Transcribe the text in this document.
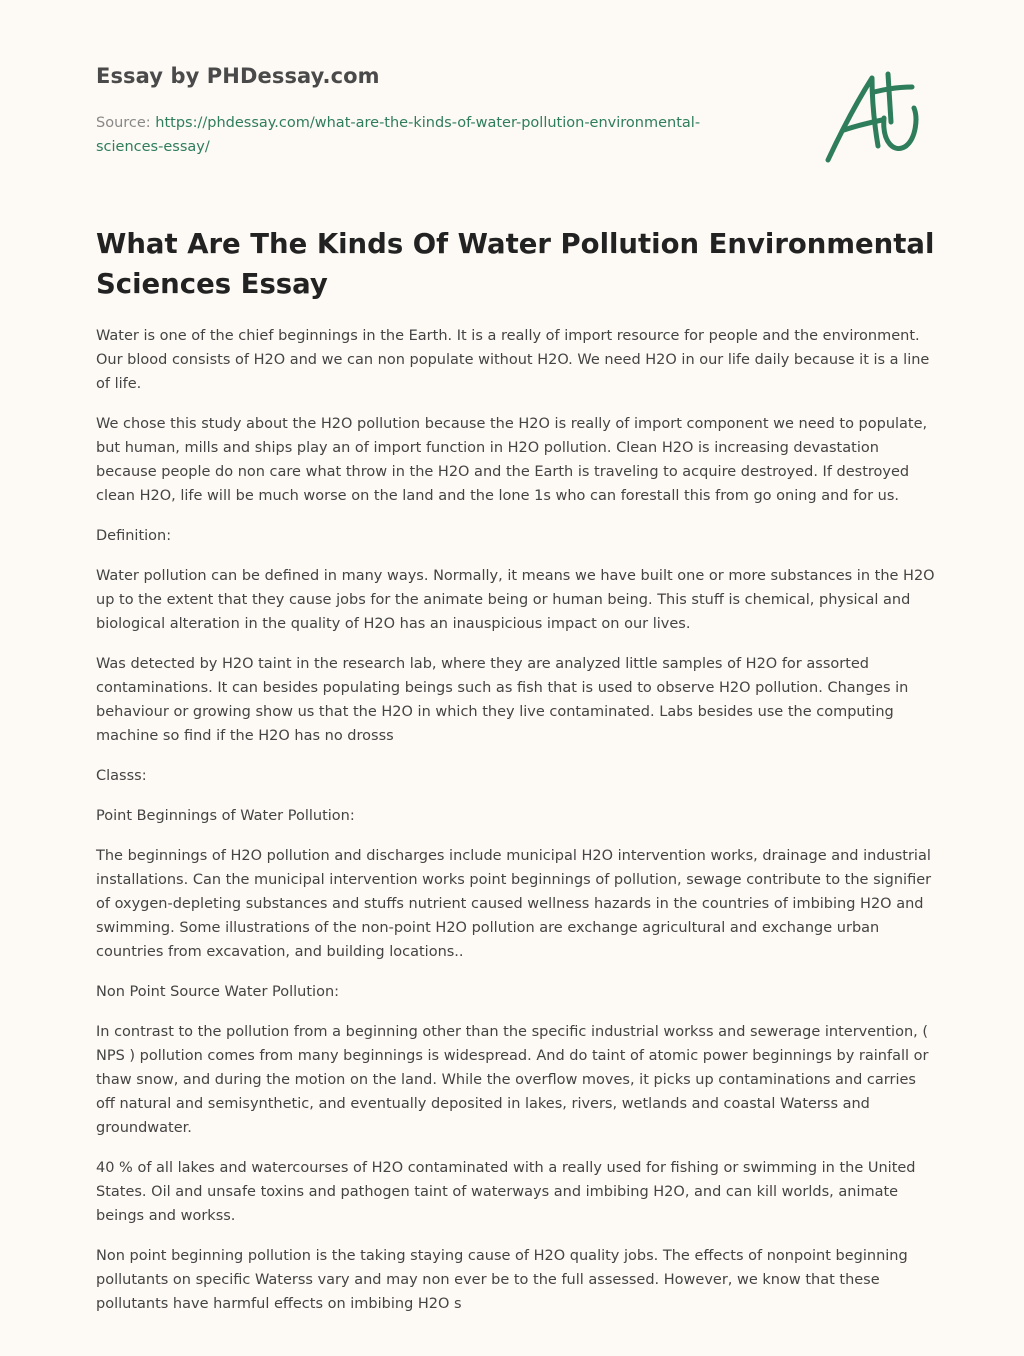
Essay by PHDessay.com
Source: https://phdessay.com/what-are-the-kinds-of-water-pollution-environmental-
sciences-essay/
What Are The Kinds Of Water Pollution Environmental
Sciences Essay

Water is one of the chief beginnings in the Earth. It is a really of import resource for people and the environment. Our blood consists of H2O and we can non populate without H2O. We need H2O in our life daily because it is a line of life.

We chose this study about the H2O pollution because the H2O is really of import component we need to populate, but human, mills and ships play an of import function in H2O pollution. Clean H2O is increasing devastation because people do non care what throw in the H2O and the Earth is traveling to acquire destroyed. If destroyed clean H2O, life will be much worse on the land and the lone 1s who can forestall this from go oning and for us.

Definition:

Water pollution can be defined in many ways. Normally, it means we have built one or more substances in the H2O up to the extent that they cause jobs for the animate being or human being. This stuff is chemical, physical and biological alteration in the quality of H2O has an inauspicious impact on our lives.

Was detected by H2O taint in the research lab, where they are analyzed little samples of H2O for assorted contaminations. It can besides populating beings such as fish that is used to observe H2O pollution. Changes in behaviour or growing show us that the H2O in which they live contaminated. Labs besides use the computing machine so find if the H2O has no drosss

Classs:

Point Beginnings of Water Pollution:

The beginnings of H2O pollution and discharges include municipal H2O intervention works, drainage and industrial installations. Can the municipal intervention works point beginnings of pollution, sewage contribute to the signifier of oxygen-depleting substances and stuffs nutrient caused wellness hazards in the countries of imbibing H2O and swimming. Some illustrations of the non-point H2O pollution are exchange agricultural and exchange urban countries from excavation, and building locations..

Non Point Source Water Pollution:

In contrast to the pollution from a beginning other than the specific industrial workss and sewerage intervention, ( NPS ) pollution comes from many beginnings is widespread. And do taint of atomic power beginnings by rainfall or thaw snow, and during the motion on the land. While the overflow moves, it picks up contaminations and carries off natural and semisynthetic, and eventually deposited in lakes, rivers, wetlands and coastal Waterss and groundwater.

40 % of all lakes and watercourses of H2O contaminated with a really used for fishing or swimming in the United States. Oil and unsafe toxins and pathogen taint of waterways and imbibing H2O, and can kill worlds, animate beings and workss.

Non point beginning pollution is the taking staying cause of H2O quality jobs. The effects of nonpoint beginning pollutants on specific Waterss vary and may non ever be to the full assessed. However, we know that these pollutants have harmful effects on imbibing H2O s
